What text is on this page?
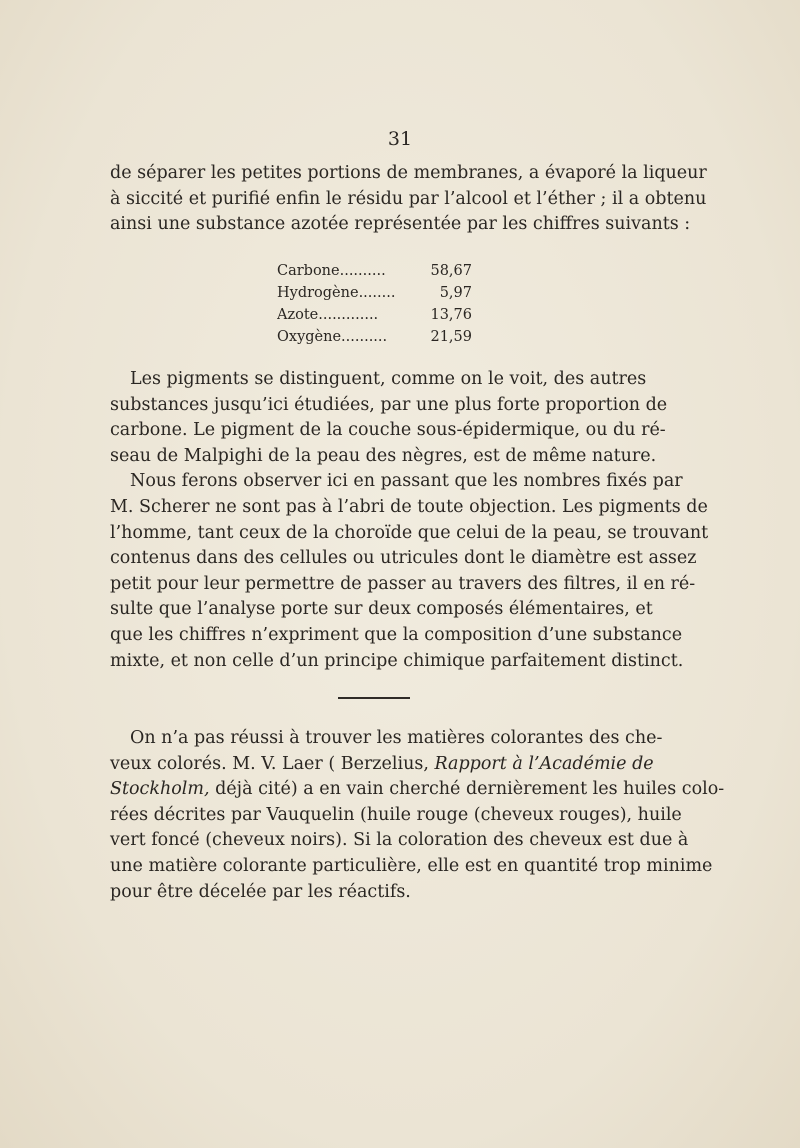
31

de séparer les petites portions de membranes, a évaporé la liqueur
à siccité et purifié enfin le résidu par l’alcool et l’éther ; il a obtenu
ainsi une substance azotée représentée par les chiffres suivants :

Carbone..........	58,67
Hydrogène........	5,97
Azote.............	13,76
Oxygène..........	21,59

Les pigments se distinguent, comme on le voit, des autres
substances jusqu’ici étudiées, par une plus forte proportion de
carbone. Le pigment de la couche sous-épidermique, ou du ré-
seau de Malpighi de la peau des nègres, est de même nature.
Nous ferons observer ici en passant que les nombres fixés par
M. Scherer ne sont pas à l’abri de toute objection. Les pigments de
l’homme, tant ceux de la choroïde que celui de la peau, se trouvant
contenus dans des cellules ou utricules dont le diamètre est assez
petit pour leur permettre de passer au travers des filtres, il en ré-
sulte que l’analyse porte sur deux composés élémentaires, et
que les chiffres n’expriment que la composition d’une substance
mixte, et non celle d’un principe chimique parfaitement distinct.

On n’a pas réussi à trouver les matières colorantes des che-
veux colorés. M. V. Laer ( Berzelius, Rapport à l’Académie de
Stockholm, déjà cité) a en vain cherché dernièrement les huiles colo-
rées décrites par Vauquelin (huile rouge (cheveux rouges), huile
vert foncé (cheveux noirs). Si la coloration des cheveux est due à
une matière colorante particulière, elle est en quantité trop minime
pour être décelée par les réactifs.
